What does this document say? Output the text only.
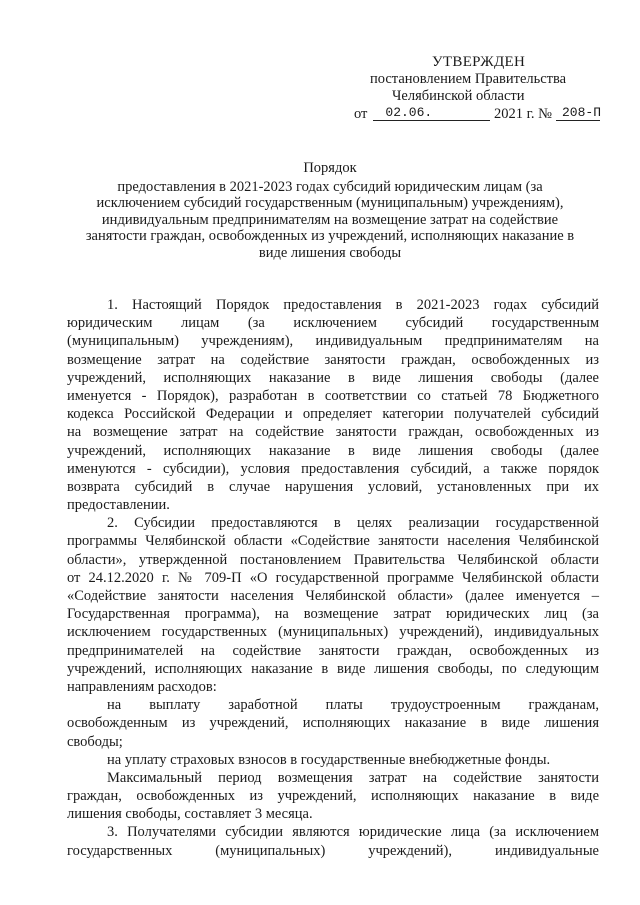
УТВЕРЖДЕН
постановлением Правительства
Челябинской области
от	02.06.	2021 г. № 208-П
Порядок
предоставления в 2021-2023 годах субсидий юридическим лицам (за
исключением субсидий государственным (муниципальным) учреждениям),
индивидуальным предпринимателям на возмещение затрат на содействие
занятости граждан, освобожденных из учреждений, исполняющих наказание в
виде лишения свободы
1. Настоящий Порядок предоставления в 2021-2023 годах субсидий
юридическим лицам (за исключением субсидий государственным
(муниципальным) учреждениям), индивидуальным предпринимателям на
возмещение затрат на содействие занятости граждан, освобожденных из
учреждений, исполняющих наказание в виде лишения свободы (далее
именуется - Порядок), разработан в соответствии со статьей 78 Бюджетного
кодекса Российской Федерации и определяет категории получателей субсидий
на возмещение затрат на содействие занятости граждан, освобожденных из
учреждений, исполняющих наказание в виде лишения свободы (далее
именуются - субсидии), условия предоставления субсидий, а также порядок
возврата субсидий в случае нарушения условий, установленных при их
предоставлении.
2. Субсидии предоставляются в целях реализации государственной
программы Челябинской области «Содействие занятости населения Челябинской
области», утвержденной постановлением Правительства Челябинской области
от 24.12.2020 г. № 709-П «О государственной программе Челябинской области
«Содействие занятости населения Челябинской области» (далее именуется –
Государственная программа), на возмещение затрат юридических лиц (за
исключением государственных (муниципальных) учреждений), индивидуальных
предпринимателей на содействие занятости граждан, освобожденных из
учреждений, исполняющих наказание в виде лишения свободы, по следующим
направлениям расходов:
на выплату заработной платы трудоустроенным гражданам,
освобожденным из учреждений, исполняющих наказание в виде лишения
свободы;
на уплату страховых взносов в государственные внебюджетные фонды.
Максимальный период возмещения затрат на содействие занятости
граждан, освобожденных из учреждений, исполняющих наказание в виде
лишения свободы, составляет 3 месяца.
3. Получателями субсидии являются юридические лица (за исключением
государственных (муниципальных) учреждений), индивидуальные
